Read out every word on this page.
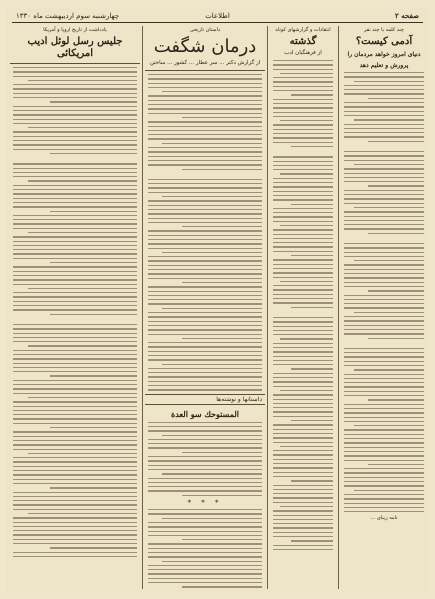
صفحه ۲
اطلاعات
چهارشنبه سوم اردیبهشت ماه ۱۳۳۰
چند کلمه با چند نفر
آدمی کیست؟
دنیای امروز خواهد مردمان را
پرورش و تعلیم دهد
نامه زیبای ...
انتقادات و گزارشهای کوتاه
گذشته
از فرهنگیان ادب
داستان تاریخی
درمان شگفت
از گزارش دکتر ... سر عطار ... کشور ... ساختن
داستانها و نوشته‌ها
المستوحك سو العدة
* * *
یادداشت از تاریخ اروپا و آمریکا
جلیس رسل لوئل ادیب امریکائی
